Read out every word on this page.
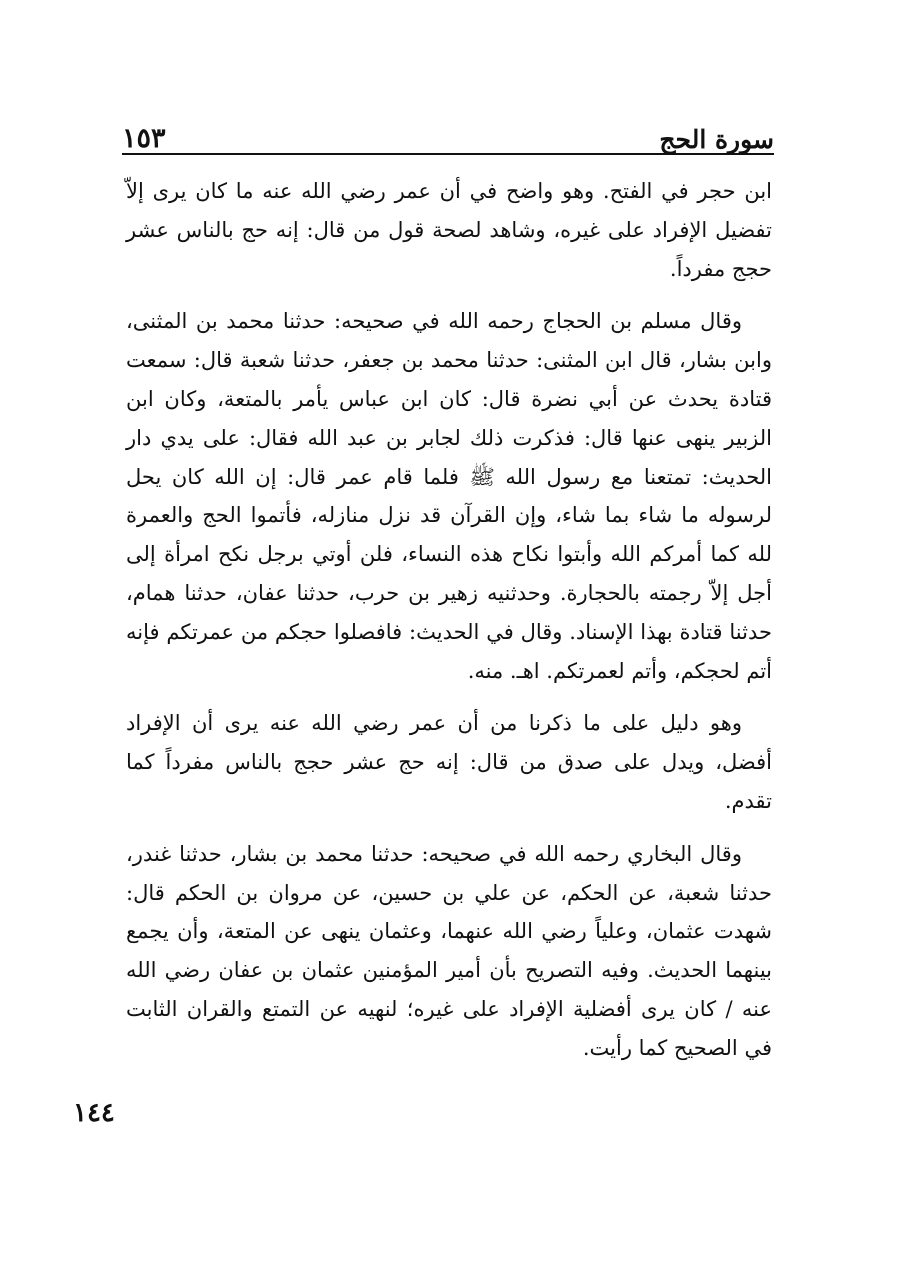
سورة الحج
١٥٣

ابن حجر في الفتح. وهو واضح في أن عمر رضي الله عنه ما كان يرى إلاّ تفضيل الإفراد على غيره، وشاهد لصحة قول من قال: إنه حج بالناس عشر حجج مفرداً.

وقال مسلم بن الحجاج رحمه الله في صحيحه: حدثنا محمد بن المثنى، وابن بشار، قال ابن المثنى: حدثنا محمد بن جعفر، حدثنا شعبة قال: سمعت قتادة يحدث عن أبي نضرة قال: كان ابن عباس يأمر بالمتعة، وكان ابن الزبير ينهى عنها قال: فذكرت ذلك لجابر بن عبد الله فقال: على يدي دار الحديث: تمتعنا مع رسول الله ﷺ فلما قام عمر قال: إن الله كان يحل لرسوله ما شاء بما شاء، وإن القرآن قد نزل منازله، فأتموا الحج والعمرة لله كما أمركم الله وأبتوا نكاح هذه النساء، فلن أوتي برجل نكح امرأة إلى أجل إلاّ رجمته بالحجارة. وحدثنيه زهير بن حرب، حدثنا عفان، حدثنا همام، حدثنا قتادة بهذا الإسناد. وقال في الحديث: فافصلوا حجكم من عمرتكم فإنه أتم لحجكم، وأتم لعمرتكم. اهـ. منه.

وهو دليل على ما ذكرنا من أن عمر رضي الله عنه يرى أن الإفراد أفضل، ويدل على صدق من قال: إنه حج عشر حجج بالناس مفرداً كما تقدم.

وقال البخاري رحمه الله في صحيحه: حدثنا محمد بن بشار، حدثنا غندر، حدثنا شعبة، عن الحكم، عن علي بن حسين، عن مروان بن الحكم قال: شهدت عثمان، وعلياً رضي الله عنهما، وعثمان ينهى عن المتعة، وأن يجمع بينهما الحديث. وفيه التصريح بأن أمير المؤمنين عثمان بن عفان رضي الله عنه / كان يرى أفضلية الإفراد على غيره؛ لنهيه عن التمتع والقران الثابت في الصحيح كما رأيت.

١٤٤
